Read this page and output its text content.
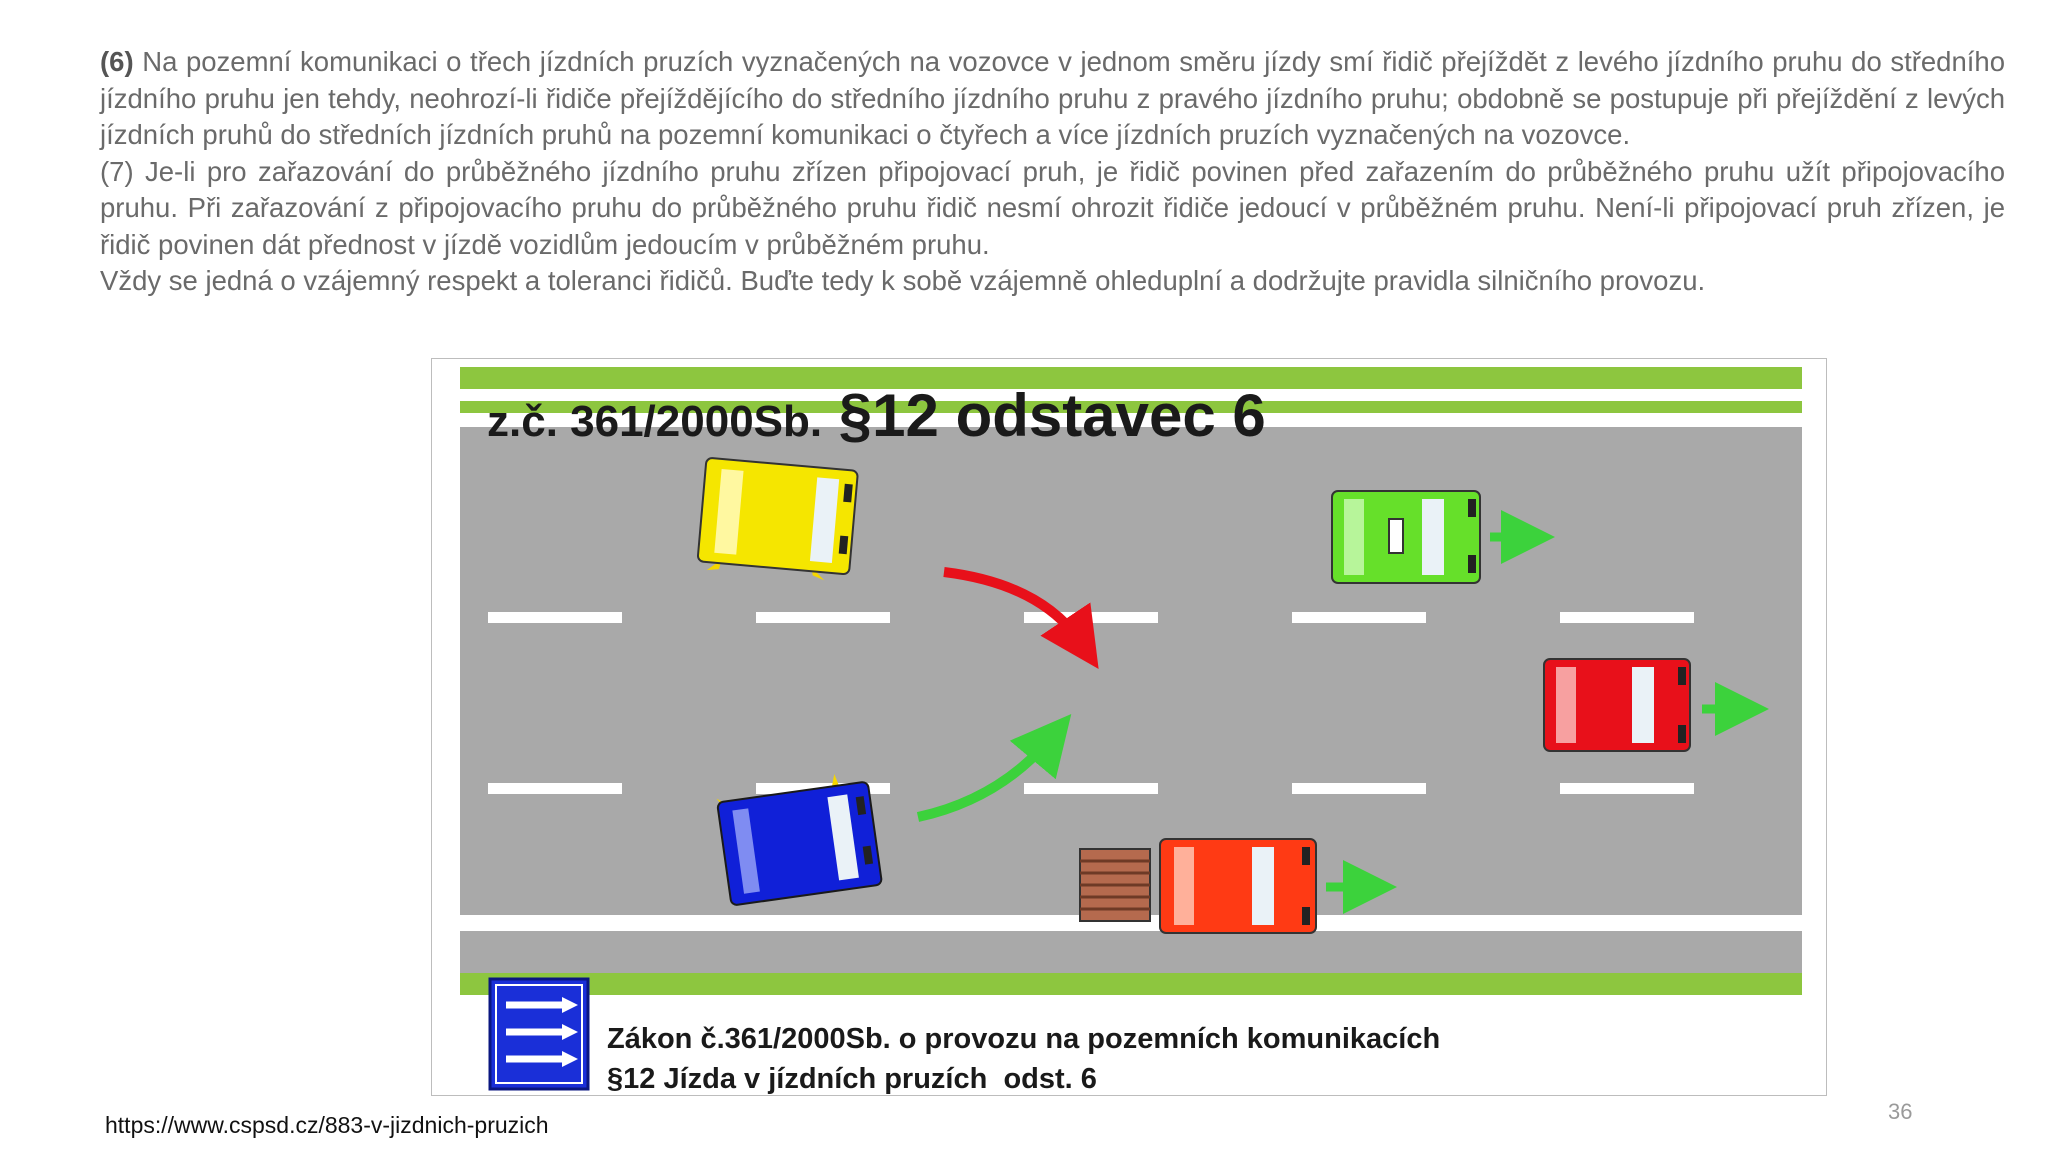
(6) Na pozemní komunikaci o třech jízdních pruzích vyznačených na vozovce v jednom směru jízdy smí řidič přejíždět z levého jízdního pruhu do středního jízdního pruhu jen tehdy, neohrozí-li řidiče přejíždějícího do středního jízdního pruhu z pravého jízdního pruhu; obdobně se postupuje při přejíždění z levých jízdních pruhů do středních jízdních pruhů na pozemní komunikaci o čtyřech a více jízdních pruzích vyznačených na vozovce.

(7) Je-li pro zařazování do průběžného jízdního pruhu zřízen připojovací pruh, je řidič povinen před zařazením do průběžného pruhu užít připojovacího pruhu. Při zařazování z připojovacího pruhu do průběžného pruhu řidič nesmí ohrozit řidiče jedoucí v průběžném pruhu. Není-li připojovací pruh zřízen, je řidič povinen dát přednost v jízdě vozidlům jedoucím v průběžném pruhu.

Vždy se jedná o vzájemný respekt a toleranci řidičů. Buďte tedy k sobě vzájemně ohleduplní a dodržujte pravidla silničního provozu.

z.č. 361/2000Sb. §12 odstavec 6
Zákon č.361/2000Sb. o provozu na pozemních komunikacích
§12 Jízda v jízdních pruzích  odst. 6
https://www.cspsd.cz/883-v-jizdnich-pruzich
36
